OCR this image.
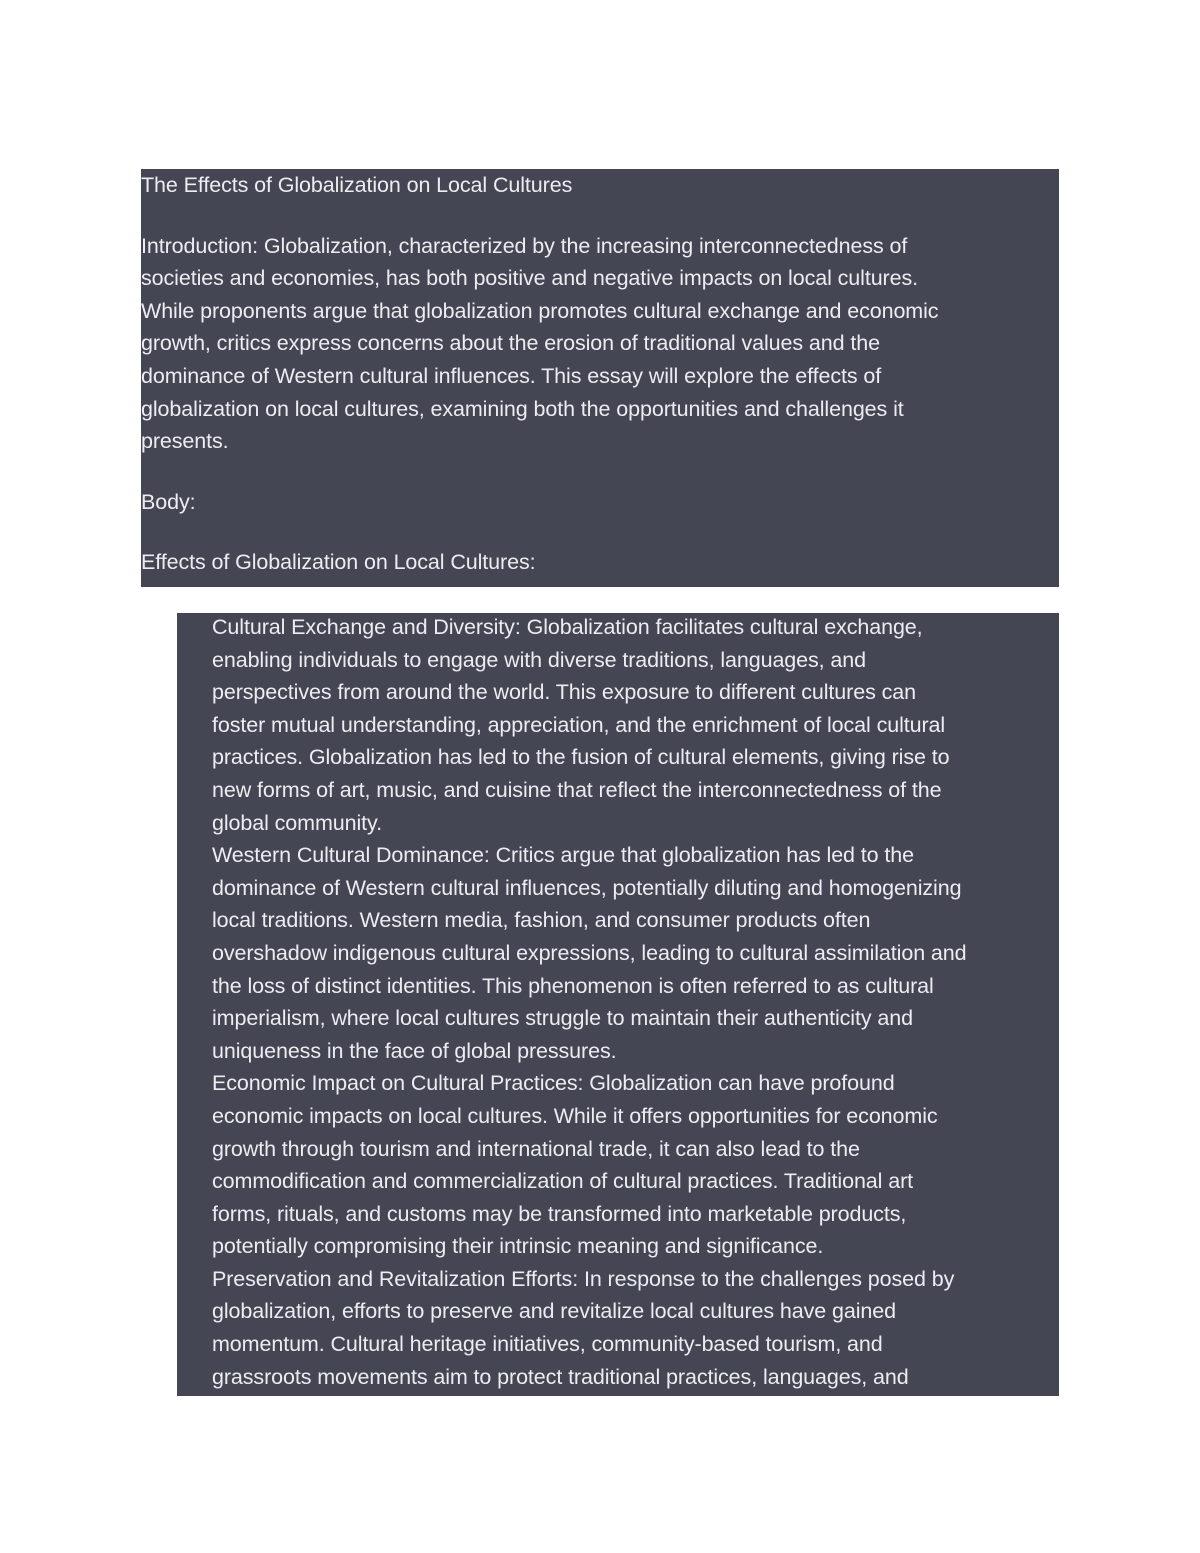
The Effects of Globalization on Local Cultures
Introduction: Globalization, characterized by the increasing interconnectedness of
societies and economies, has both positive and negative impacts on local cultures.
While proponents argue that globalization promotes cultural exchange and economic
growth, critics express concerns about the erosion of traditional values and the
dominance of Western cultural influences. This essay will explore the effects of
globalization on local cultures, examining both the opportunities and challenges it
presents.
Body:
Effects of Globalization on Local Cultures:
Cultural Exchange and Diversity: Globalization facilitates cultural exchange,
enabling individuals to engage with diverse traditions, languages, and
perspectives from around the world. This exposure to different cultures can
foster mutual understanding, appreciation, and the enrichment of local cultural
practices. Globalization has led to the fusion of cultural elements, giving rise to
new forms of art, music, and cuisine that reflect the interconnectedness of the
global community.
Western Cultural Dominance: Critics argue that globalization has led to the
dominance of Western cultural influences, potentially diluting and homogenizing
local traditions. Western media, fashion, and consumer products often
overshadow indigenous cultural expressions, leading to cultural assimilation and
the loss of distinct identities. This phenomenon is often referred to as cultural
imperialism, where local cultures struggle to maintain their authenticity and
uniqueness in the face of global pressures.
Economic Impact on Cultural Practices: Globalization can have profound
economic impacts on local cultures. While it offers opportunities for economic
growth through tourism and international trade, it can also lead to the
commodification and commercialization of cultural practices. Traditional art
forms, rituals, and customs may be transformed into marketable products,
potentially compromising their intrinsic meaning and significance.
Preservation and Revitalization Efforts: In response to the challenges posed by
globalization, efforts to preserve and revitalize local cultures have gained
momentum. Cultural heritage initiatives, community-based tourism, and
grassroots movements aim to protect traditional practices, languages, and
